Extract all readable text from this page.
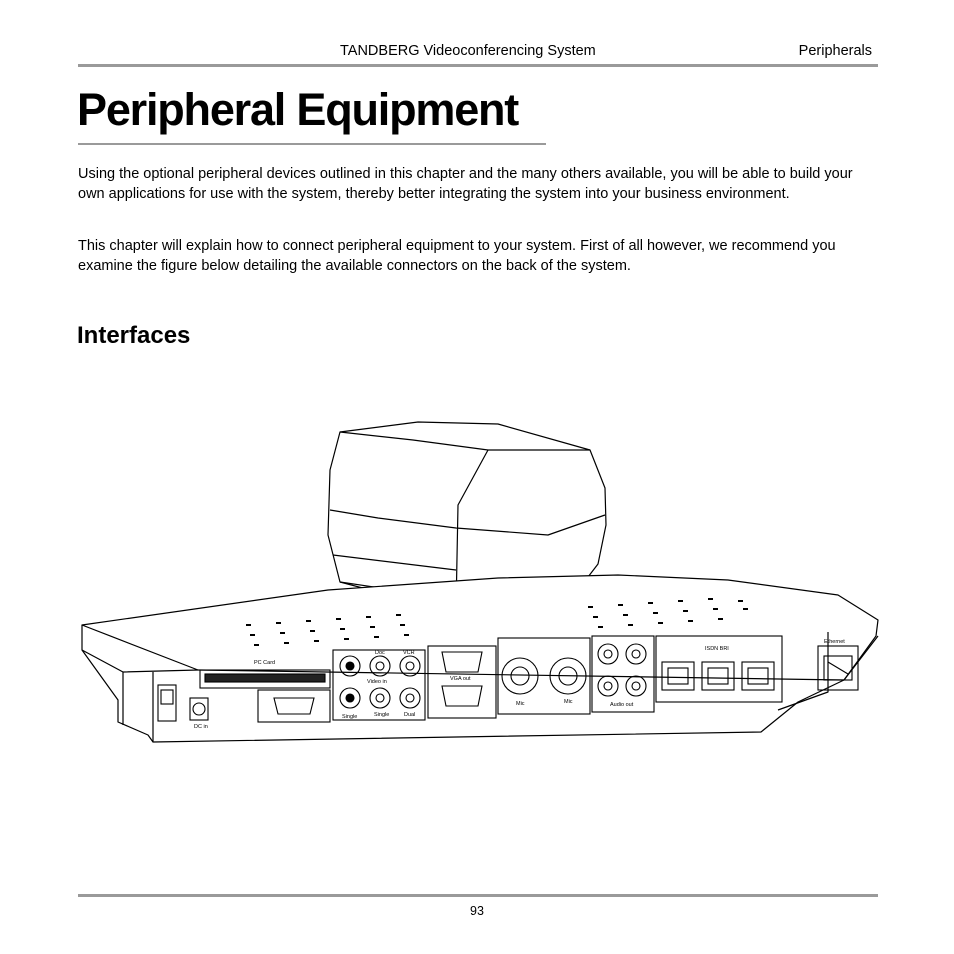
TANDBERG Videoconferencing System	Peripherals
Peripheral Equipment

Using the optional peripheral devices outlined in this chapter and the many others available, you will be able to build your own applications for use with the system, thereby better integrating the system into your business environment.

This chapter will explain how to connect peripheral equipment to your system. First of all however, we recommend you examine the figure below detailing the available connectors on the back of the system.

Interfaces
PC Card
Video in
Doc	VCR
VGA out
Mic	Mic	Audio out
ISDN BRI
Ethernet
DC in
Single	Single	Dual
93
